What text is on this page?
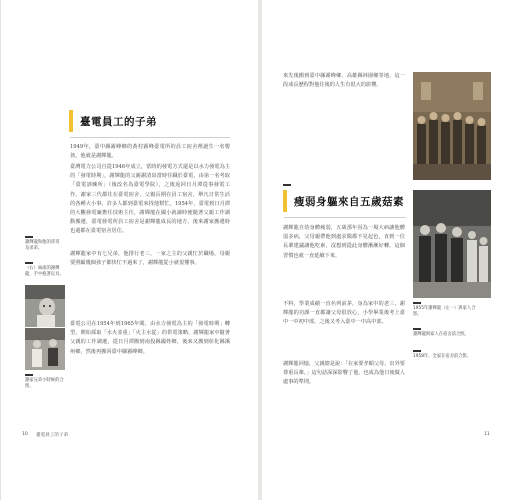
臺電員工的子弟
1949年，臺中縣霧峰鄉的黃村霧峰臺電所的員工宿舍裡誕生一名嬰孩，他就是謝輝龍。
臺灣電力公司自從1946年成立，當時的發電方式還是以水力發電為主的「發電時期」，謝輝龍的父親謝清泉當時任職於臺電，由第一名考取「臺電訓練所」（後改名為臺電學院），之後返回日月潭從事發電工作。謝家三代都住在臺電宿舍，父親長期在員工宿舍，舉凡日常生活的各種大小事，許多人都到臺電來找他幫忙。1954年，臺電到日月潭的大觀發電廠擔任技術主任，謝輝龍在國小就讀時便隨著父親工作調動搬遷，臺電發電所員工宿舍是謝輝龍成長的地方，後來謝家搬遷時也還都在臺電宿舍居住。
謝輝龍家中有七兄弟，他排行老三，一家之主的父親忙於職場，母親要照顧幾個孩子都快忙不過來了，謝輝龍從小就很懂事。
臺電公司在1954年到1965年間，由水力發電為主的「發電時期」轉型，開始採取「水火並重」「火主水從」的供電策略，謝輝龍家中隨著父親的工作調遷，從日月潭搬到南投縣國姓鄉，後來又搬到彰化縣溪州鄉，然後再搬回臺中縣霧峰鄉。
謝輝龍和他的哥哥及弟弟。
（右）兩歲的謝輝龍，手中抱著玩具。
謝家兄弟小時候的合照。
10 臺電員工的子弟
來先後搬到臺中縣霧峰鄉、高雄縣林園鄉等地，這一段成長歷程對他往後的人生有很大的影響。
瘦弱身軀來自五歲菇素
謝輝龍自幼身體瘦弱，五歲那年因為一場大病讓他體弱多病，父母親帶他到處求醫都不見起色，直到一位長輩建議讓他吃素，沒想到從此身體漸漸好轉，這個習慣也就一直延續下來。
不料，學業成績一直名列前茅，身為家中的老三，謝輝龍的功課一直都讓父母很放心，小學畢業後考上臺中一中初中部，之後又考入臺中一中高中部。
謝輝龍回憶，父親總是說：「在家要孝順父母，出外要尊重長輩。」這句話深深影響了他，也成為他日後做人處事的準則。
1955年謝輝龍（左一）與家人合影。
謝輝龍與家人在宿舍前合照。
1958年，全家在宿舍前合影。
11
